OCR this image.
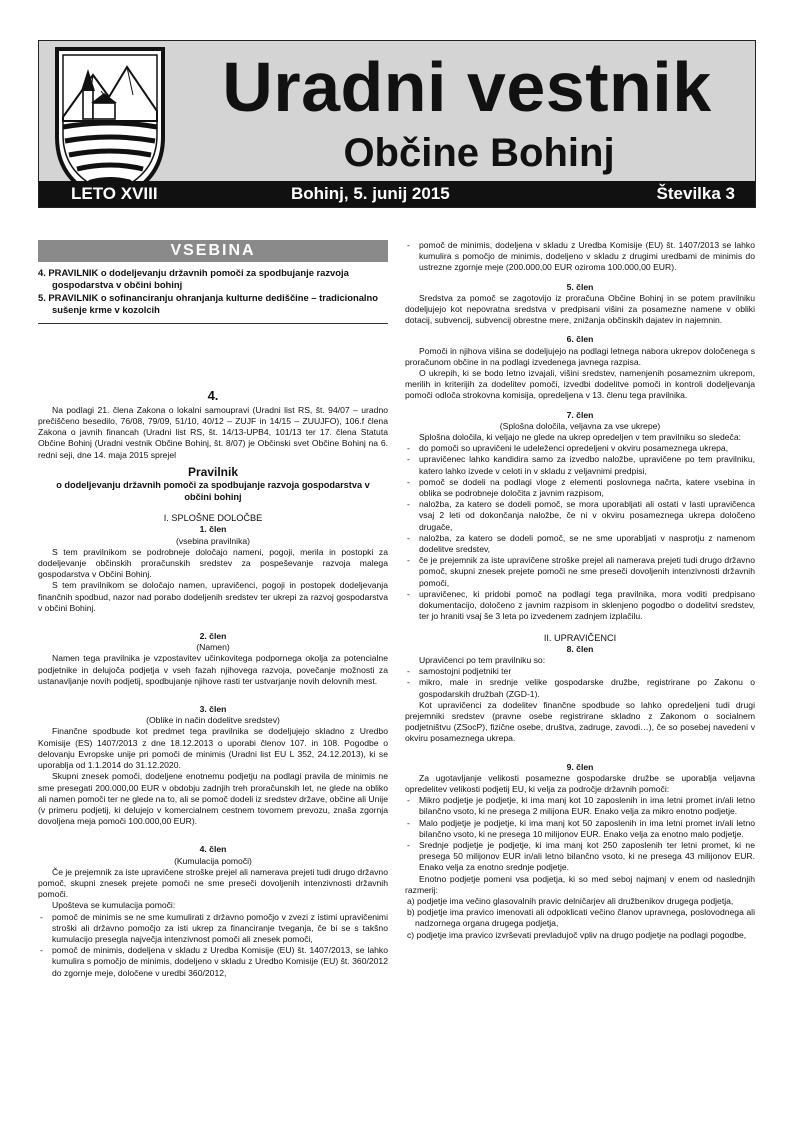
Uradni vestnik
Občine Bohinj
LETO XVIII	Bohinj, 5. junij 2015	Številka 3
VSEBINA
4. PRAVILNIK o dodeljevanju državnih pomoči za spodbujanje razvoja gospodarstva v občini bohinj
5. PRAVILNIK o sofinanciranju ohranjanja kulturne dediščine – tradicionalno sušenje krme v kozolcih
4.

Na podlagi 21. člena Zakona o lokalni samoupravi (Uradni list RS, št. 94/07 – uradno prečiščeno besedilo, 76/08, 79/09, 51/10, 40/12 – ZUJF in 14/15 – ZUUJFO), 106.f člena Zakona o javnih financah (Uradni list RS, št. 14/13-UPB4, 101/13 ter 17. člena Statuta Občine Bohinj (Uradni vestnik Občine Bohinj, št. 8/07) je Občinski svet Občine Bohinj na 6. redni seji, dne 14. maja 2015 sprejel

Pravilnik
o dodeljevanju državnih pomoči za spodbujanje razvoja gospodarstva v občini bohinj
I. SPLOŠNE DOLOČBE

1. člen

(vsebina pravilnika)

S tem pravilnikom se podrobneje določajo nameni, pogoji, merila in postopki za dodeljevanje občinskih proračunskih sredstev za pospeševanje razvoja malega gospodarstva v Občini Bohinj.

S tem pravilnikom se določajo namen, upravičenci, pogoji in postopek dodeljevanja finančnih spodbud, nazor nad porabo dodeljenih sredstev ter ukrepi za razvoj gospodarstva v občini Bohinj.

2. člen

(Namen)

Namen tega pravilnika je vzpostavitev učinkovitega podpornega okolja za potencialne podjetnike in delujoča podjetja v vseh fazah njihovega razvoja, povečanje možnosti za ustanavljanje novih podjetij, spodbujanje njihove rasti ter ustvarjanje novih delovnih mest.

3. člen

(Oblike in način dodelitve sredstev)

Finančne spodbude kot predmet tega pravilnika se dodeljujejo skladno z Uredbo Komisije (ES) 1407/2013 z dne 18.12.2013 o uporabi členov 107. in 108. Pogodbe o delovanju Evropske unije pri pomoči de minimis (Uradni list EU L 352, 24.12.2013), ki se uporablja od 1.1.2014 do 31.12.2020.

Skupni znesek pomoči, dodeljene enotnemu podjetju na podlagi pravila de minimis ne sme presegati 200.000,00 EUR v obdobju zadnjih treh proračunskih let, ne glede na obliko ali namen pomoči ter ne glede na to, ali se pomoč dodeli iz sredstev države, občine ali Unije (v primeru podjetij, ki delujejo v komercialnem cestnem tovornem prevozu, znaša zgornja dovoljena meja pomoči 100.000,00 EUR).

4. člen

(Kumulacija pomoči)

Če je prejemnik za iste upravičene stroške prejel ali namerava prejeti tudi drugo državno pomoč, skupni znesek prejete pomoči ne sme preseči dovoljenih intenzivnosti državnih pomoči.

Upošteva se kumulacija pomoči:

- pomoč de minimis se ne sme kumulirati z državno pomočjo v zvezi z istimi upravičenimi stroški ali državno pomočjo za isti ukrep za financiranje tveganja, če bi se s takšno kumulacijo presegla največja intenzivnost pomoči ali znesek pomoči,
- pomoč de minimis, dodeljena v skladu z Uredba Komisije (EU) št. 1407/2013, se lahko kumulira s pomočjo de minimis, dodeljeno v skladu z Uredbo Komisije (EU) št. 360/2012 do zgornje meje, določene v uredbi 360/2012,
- pomoč de minimis, dodeljena v skladu z Uredba Komisije (EU) št. 1407/2013 se lahko kumulira s pomočjo de minimis, dodeljeno v skladu z drugimi uredbami de minimis do ustrezne zgornje meje (200.000,00 EUR oziroma 100.000,00 EUR).

5. člen

Sredstva za pomoč se zagotovijo iz proračuna Občine Bohinj in se potem pravilniku dodeljujejo kot nepovratna sredstva v predpisani višini za posamezne namene v obliki dotacij, subvencij, subvencij obrestne mere, znižanja občinskih dajatev in najemnin.

6. člen

Pomoči in njihova višina se dodeljujejo na podlagi letnega nabora ukrepov določenega s proračunom občine in na podlagi izvedenega javnega razpisa.

O ukrepih, ki se bodo letno izvajali, višini sredstev, namenjenih posameznim ukrepom, merilih in kriterijih za dodelitev pomoči, izvedbi dodelitve pomoči in kontroli dodeljevanja pomoči odloča strokovna komisija, opredeljena v 13. členu tega pravilnika.

7. člen

(Splošna določila, veljavna za vse ukrepe)

Splošna določila, ki veljajo ne glede na ukrep opredeljen v tem pravilniku so sledeča:

- do pomoči so upravičeni le udeleženci opredeljeni v okviru posameznega ukrepa,
- upravičenec lahko kandidira samo za izvedbo naložbe, upravičene po tem pravilniku, katero lahko izvede v celoti in v skladu z veljavnimi predpisi,
- pomoč se dodeli na podlagi vloge z elementi poslovnega načrta, katere vsebina in oblika se podrobneje določita z javnim razpisom,
- naložba, za katero se dodeli pomoč, se mora uporabljati ali ostati v lasti upravičenca vsaj 2 leti od dokončanja naložbe, če ni v okviru posameznega ukrepa določeno drugače,
- naložba, za katero se dodeli pomoč, se ne sme uporabljati v nasprotju z namenom dodelitve sredstev,
- če je prejemnik za iste upravičene stroške prejel ali namerava prejeti tudi drugo državno pomoč, skupni znesek prejete pomoči ne sme preseči dovoljenih intenzivnosti državnih pomoči,
- upravičenec, ki pridobi pomoč na podlagi tega pravilnika, mora voditi predpisano dokumentacijo, določeno z javnim razpisom in sklenjeno pogodbo o dodelitvi sredstev, ter jo hraniti vsaj še 3 leta po izvedenem zadnjem izplačilu.
II. UPRAVIČENCI

8. člen

Upravičenci po tem pravilniku so:

- samostojni podjetniki ter
- mikro, male in srednje velike gospodarske družbe, registrirane po Zakonu o gospodarskih družbah (ZGD-1).

Kot upravičenci za dodelitev finančne spodbude so lahko opredeljeni tudi drugi prejemniki sredstev (pravne osebe registrirane skladno z Zakonom o socialnem podjetništvu (ZSocP), fizične osebe, društva, zadruge, zavodi…), če so posebej navedeni v okviru posameznega ukrepa.

9. člen

Za ugotavljanje velikosti posamezne gospodarske družbe se uporablja veljavna opredelitev velikosti podjetij EU, ki velja za področje državnih pomoči:

- Mikro podjetje je podjetje, ki ima manj kot 10 zaposlenih in ima letni promet in/ali letno bilančno vsoto, ki ne presega 2 milijona EUR. Enako velja za mikro enotno podjetje.
- Malo podjetje je podjetje, ki ima manj kot 50 zaposlenih in ima letni promet in/ali letno bilančno vsoto, ki ne presega 10 milijonov EUR. Enako velja za enotno malo podjetje.
- Srednje podjetje je podjetje, ki ima manj kot 250 zaposlenih ter letni promet, ki ne presega 50 milijonov EUR in/ali letno bilančno vsoto, ki ne presega 43 milijonov EUR. Enako velja za enotno srednje podjetje.

Enotno podjetje pomeni vsa podjetja, ki so med seboj najmanj v enem od naslednjih razmerij:

a) podjetje ima večino glasovalnih pravic delničarjev ali družbenikov drugega podjetja,
b) podjetje ima pravico imenovati ali odpoklicati večino članov upravnega, poslovodnega ali nadzornega organa drugega podjetja,
c) podjetje ima pravico izvrševati prevladujoč vpliv na drugo podjetje na podlagi pogodbe,
